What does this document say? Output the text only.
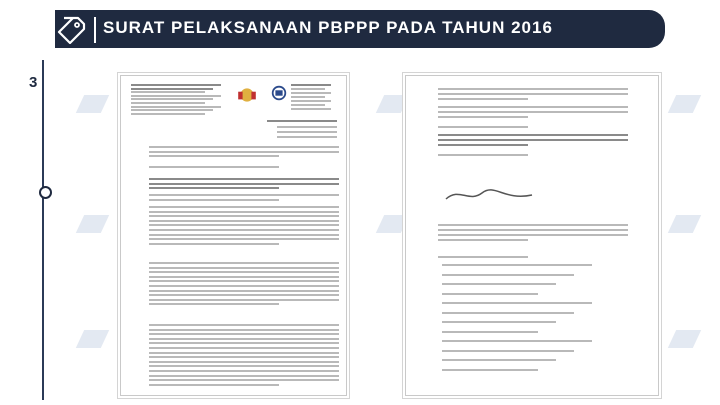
SURAT PELAKSANAAN PBPPP PADA TAHUN 2016
3
